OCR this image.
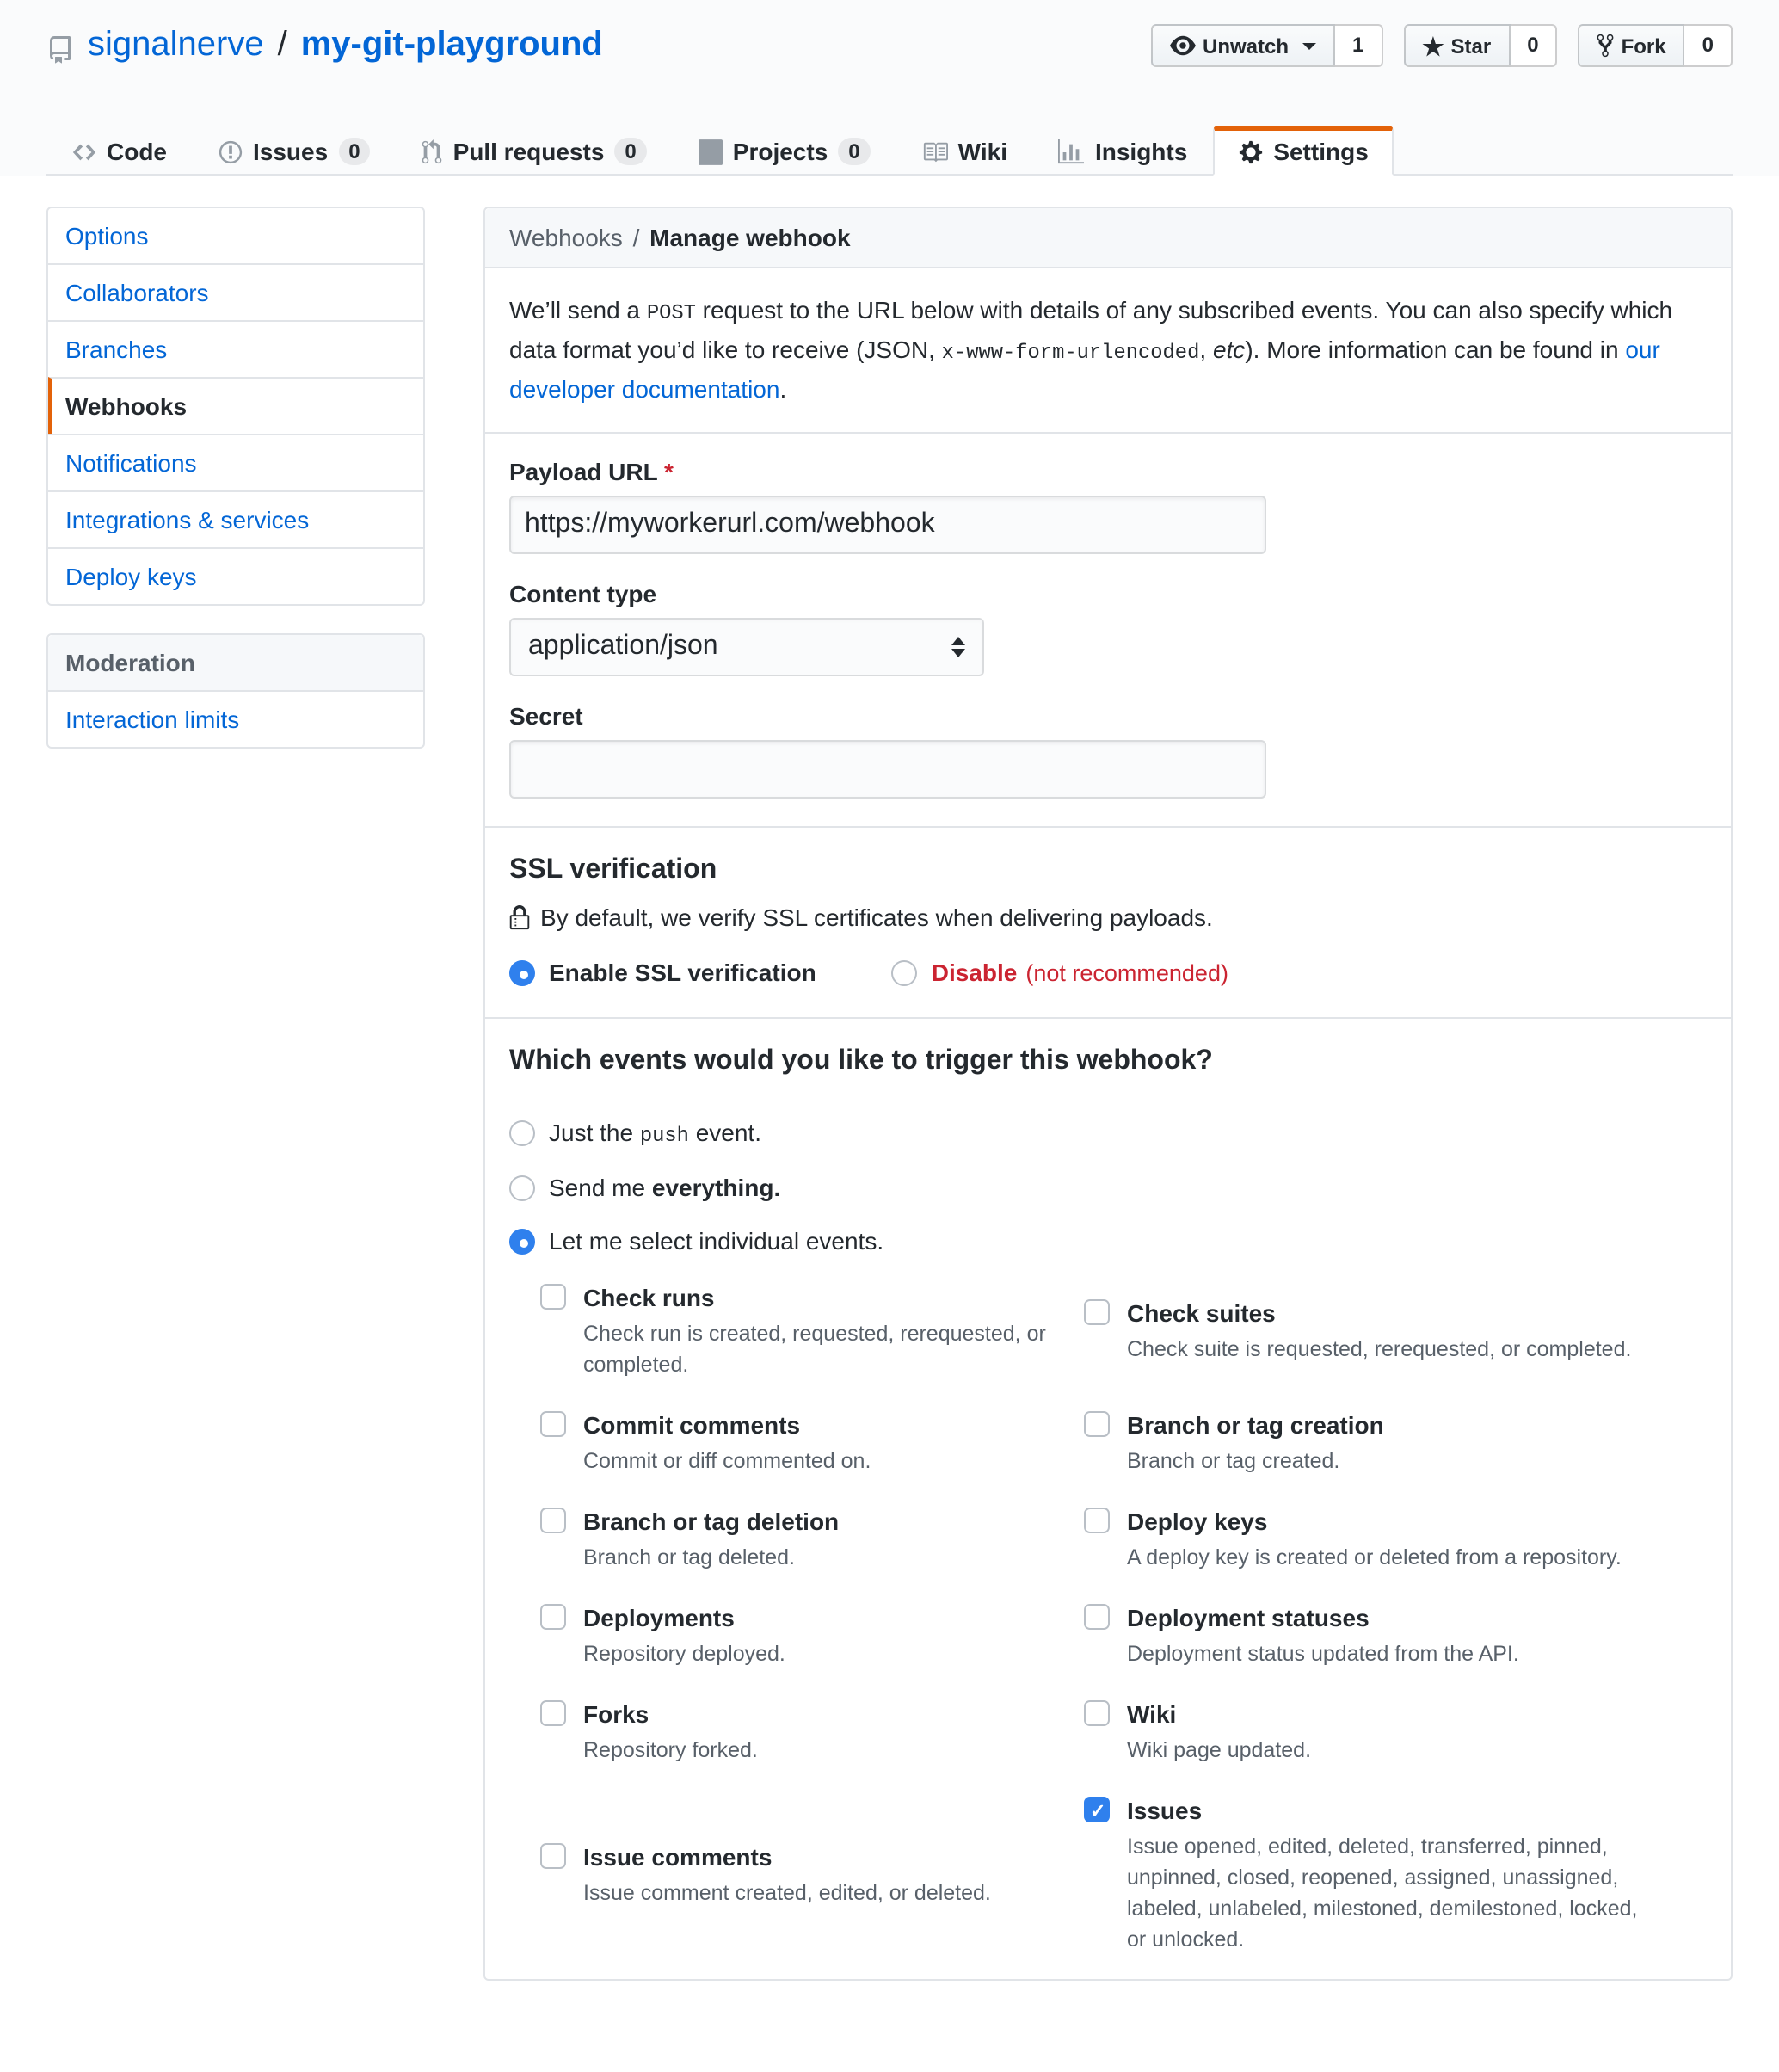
signalnerve / my-git-playground	Unwatch	1	★ Star	0	Fork	0
Code	Issues	0	Pull requests	0	Projects	0	Wiki	Insights	Settings
Options
Collaborators
Branches
Webhooks
Notifications
Integrations & services
Deploy keys
Moderation
Interaction limits
Webhooks / Manage webhook
We’ll send a POST request to the URL below with details of any subscribed events. You can also specify which data format you’d like to receive (JSON, x-www-form-urlencoded, etc). More information can be found in our developer documentation.
Payload URL *
https://myworkerurl.com/webhook
Content type
application/json
Secret
SSL verification
By default, we verify SSL certificates when delivering payloads.
Enable SSL verification	Disable (not recommended)
Which events would you like to trigger this webhook?
Just the push event.
Send me everything.
Let me select individual events.
Check runs
Check run is created, requested, rerequested, or completed.
Check suites
Check suite is requested, rerequested, or completed.
Commit comments
Commit or diff commented on.
Branch or tag creation
Branch or tag created.
Branch or tag deletion
Branch or tag deleted.
Deploy keys
A deploy key is created or deleted from a repository.
Deployments
Repository deployed.
Deployment statuses
Deployment status updated from the API.
Forks
Repository forked.
Wiki
Wiki page updated.
Issue comments
Issue comment created, edited, or deleted.
✓
Issues
Issue opened, edited, deleted, transferred, pinned, unpinned, closed, reopened, assigned, unassigned, labeled, unlabeled, milestoned, demilestoned, locked, or unlocked.
